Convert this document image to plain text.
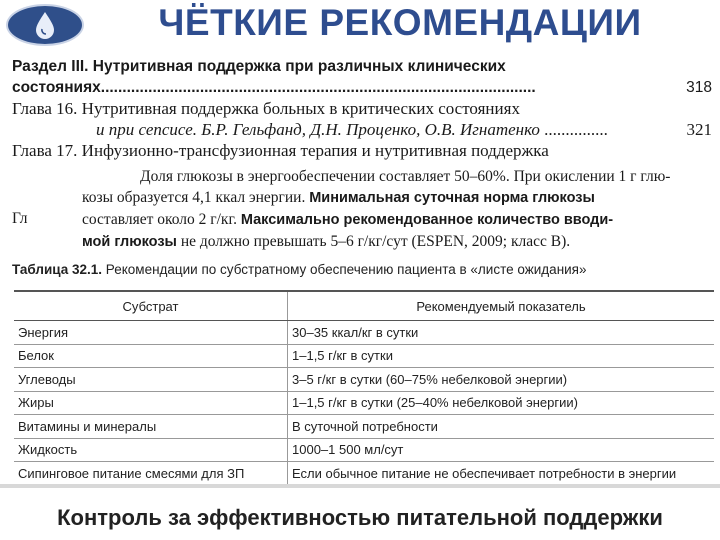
ЧЁТКИЕ РЕКОМЕНДАЦИИ
Раздел III. Нутритивная поддержка при различных клинических
состояниях.....................................................................................................	318
Глава 16. Нутритивная поддержка больных в критических состояниях
и при сепсисе. Б.Р. Гельфанд, Д.Н. Проценко, О.В. Игнатенко ...............	321
Глава 17. Инфузионно-трансфузионная терапия и нутритивная поддержка

ГлДоля глюкозы в энергообеспечении составляет 50–60%. При окислении 1 г глю-
козы образуется 4,1 ккал энергии. Минимальная суточная норма глюкозы
составляет около 2 г/кг. Максимально рекомендованное количество вводи-
мой глюкозы не должно превышать 5–6 г/кг/сут (ESPEN, 2009; класс В).
Таблица 32.1. Рекомендации по субстратному обеспечению пациента в «листе ожидания»
Субстрат	Рекомендуемый показатель
Энергия	30–35 ккал/кг в сутки
Белок	1–1,5 г/кг в сутки
Углеводы	3–5 г/кг в сутки (60–75% небелковой энергии)
Жиры	1–1,5 г/кг в сутки (25–40% небелковой энергии)
Витамины и минералы	В суточной потребности
Жидкость	1000–1 500 мл/сут
Сипинговое питание смесями для ЗП	Если обычное питание не обеспечивает потребности в энергии
Контроль за эффективностью питательной поддержки
